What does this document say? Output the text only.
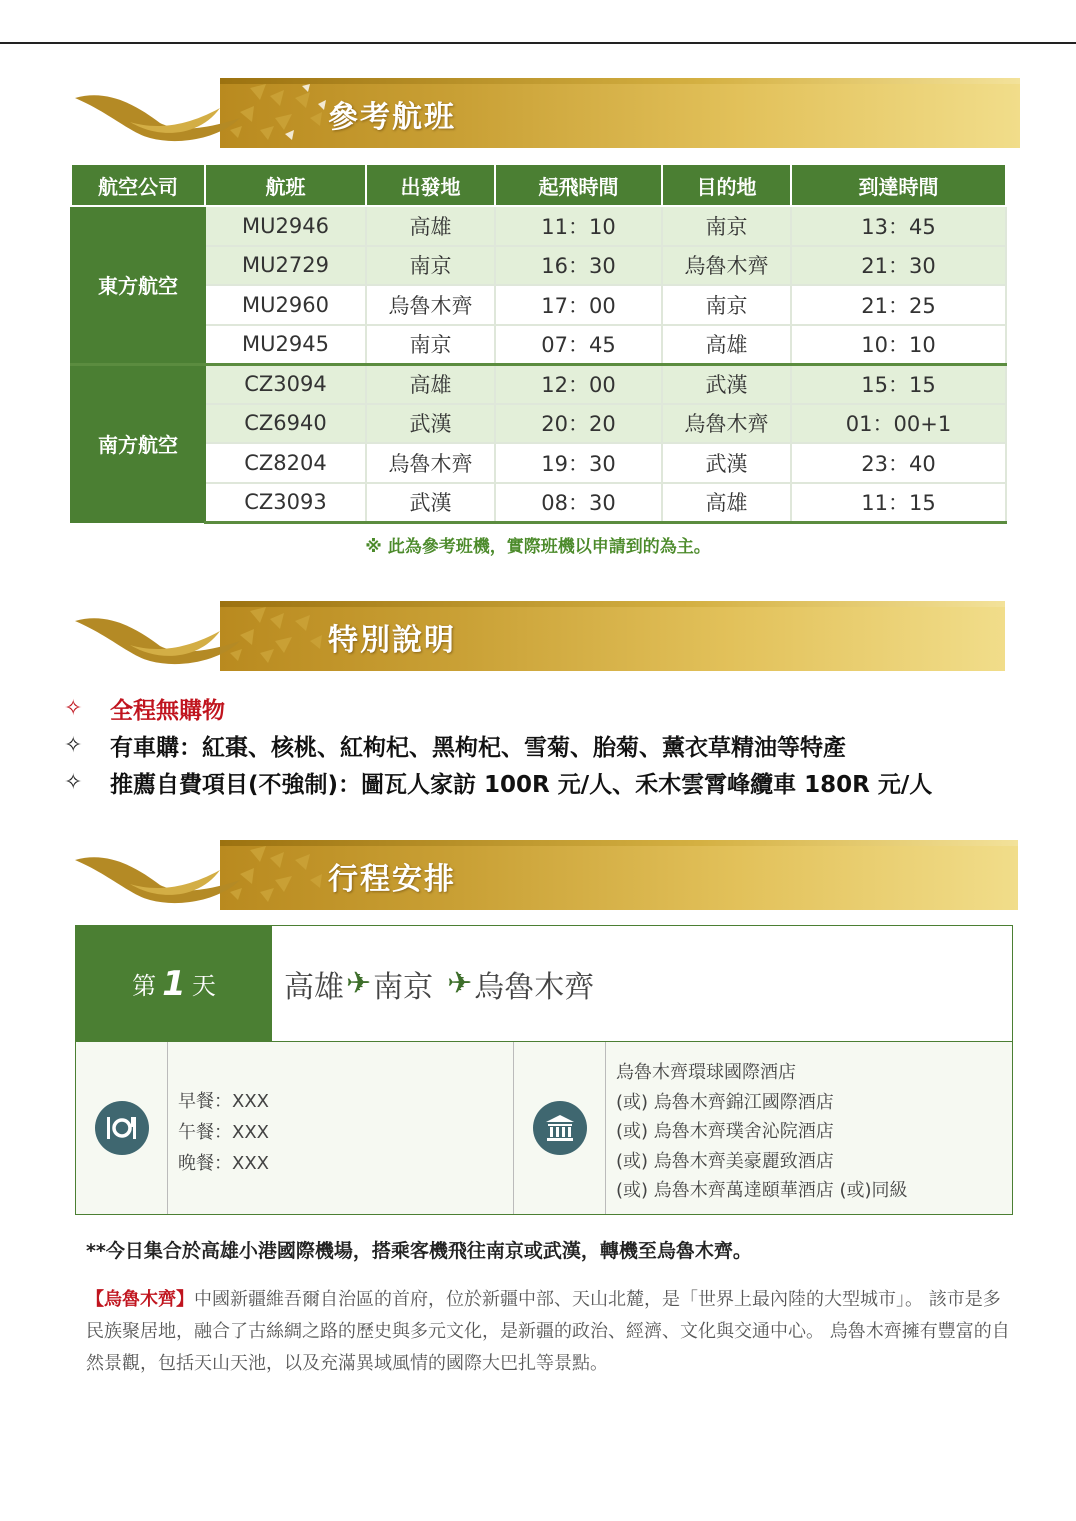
參考航班
航空公司	航班	出發地	起飛時間	目的地	到達時間
東方航空	MU2946	高雄	11：10	南京	13：45
	MU2729	南京	16：30	烏魯木齊	21：30
	MU2960	烏魯木齊	17：00	南京	21：25
	MU2945	南京	07：45	高雄	10：10
南方航空	CZ3094	高雄	12：00	武漢	15：15
	CZ6940	武漢	20：20	烏魯木齊	01：00+1
	CZ8204	烏魯木齊	19：30	武漢	23：40
	CZ3093	武漢	08：30	高雄	11：15
※ 此為參考班機，實際班機以申請到的為主。
特別說明
✧	全程無購物
✧	有車購：紅棗、核桃、紅枸杞、黑枸杞、雪菊、胎菊、薰衣草精油等特產
✧	推薦自費項目(不強制)：圖瓦人家訪 100R 元/人、禾木雲霄峰纜車 180R 元/人
行程安排
第 1 天 高雄 ✈ 南京 ✈ 烏魯木齊
早餐：XXX
午餐：XXX
晚餐：XXX
烏魯木齊環球國際酒店
(或) 烏魯木齊錦江國際酒店
(或) 烏魯木齊璞舍沁院酒店
(或) 烏魯木齊美豪麗致酒店
(或) 烏魯木齊萬達頤華酒店 (或)同級
**今日集合於高雄小港國際機場，搭乘客機飛往南京或武漢，轉機至烏魯木齊。
【烏魯木齊】中國新疆維吾爾自治區的首府，位於新疆中部、天山北麓，是「世界上最內陸的大型城市」。 該市是多民族聚居地，融合了古絲綢之路的歷史與多元文化，是新疆的政治、經濟、文化與交通中心。 烏魯木齊擁有豐富的自然景觀，包括天山天池，以及充滿異域風情的國際大巴扎等景點。
